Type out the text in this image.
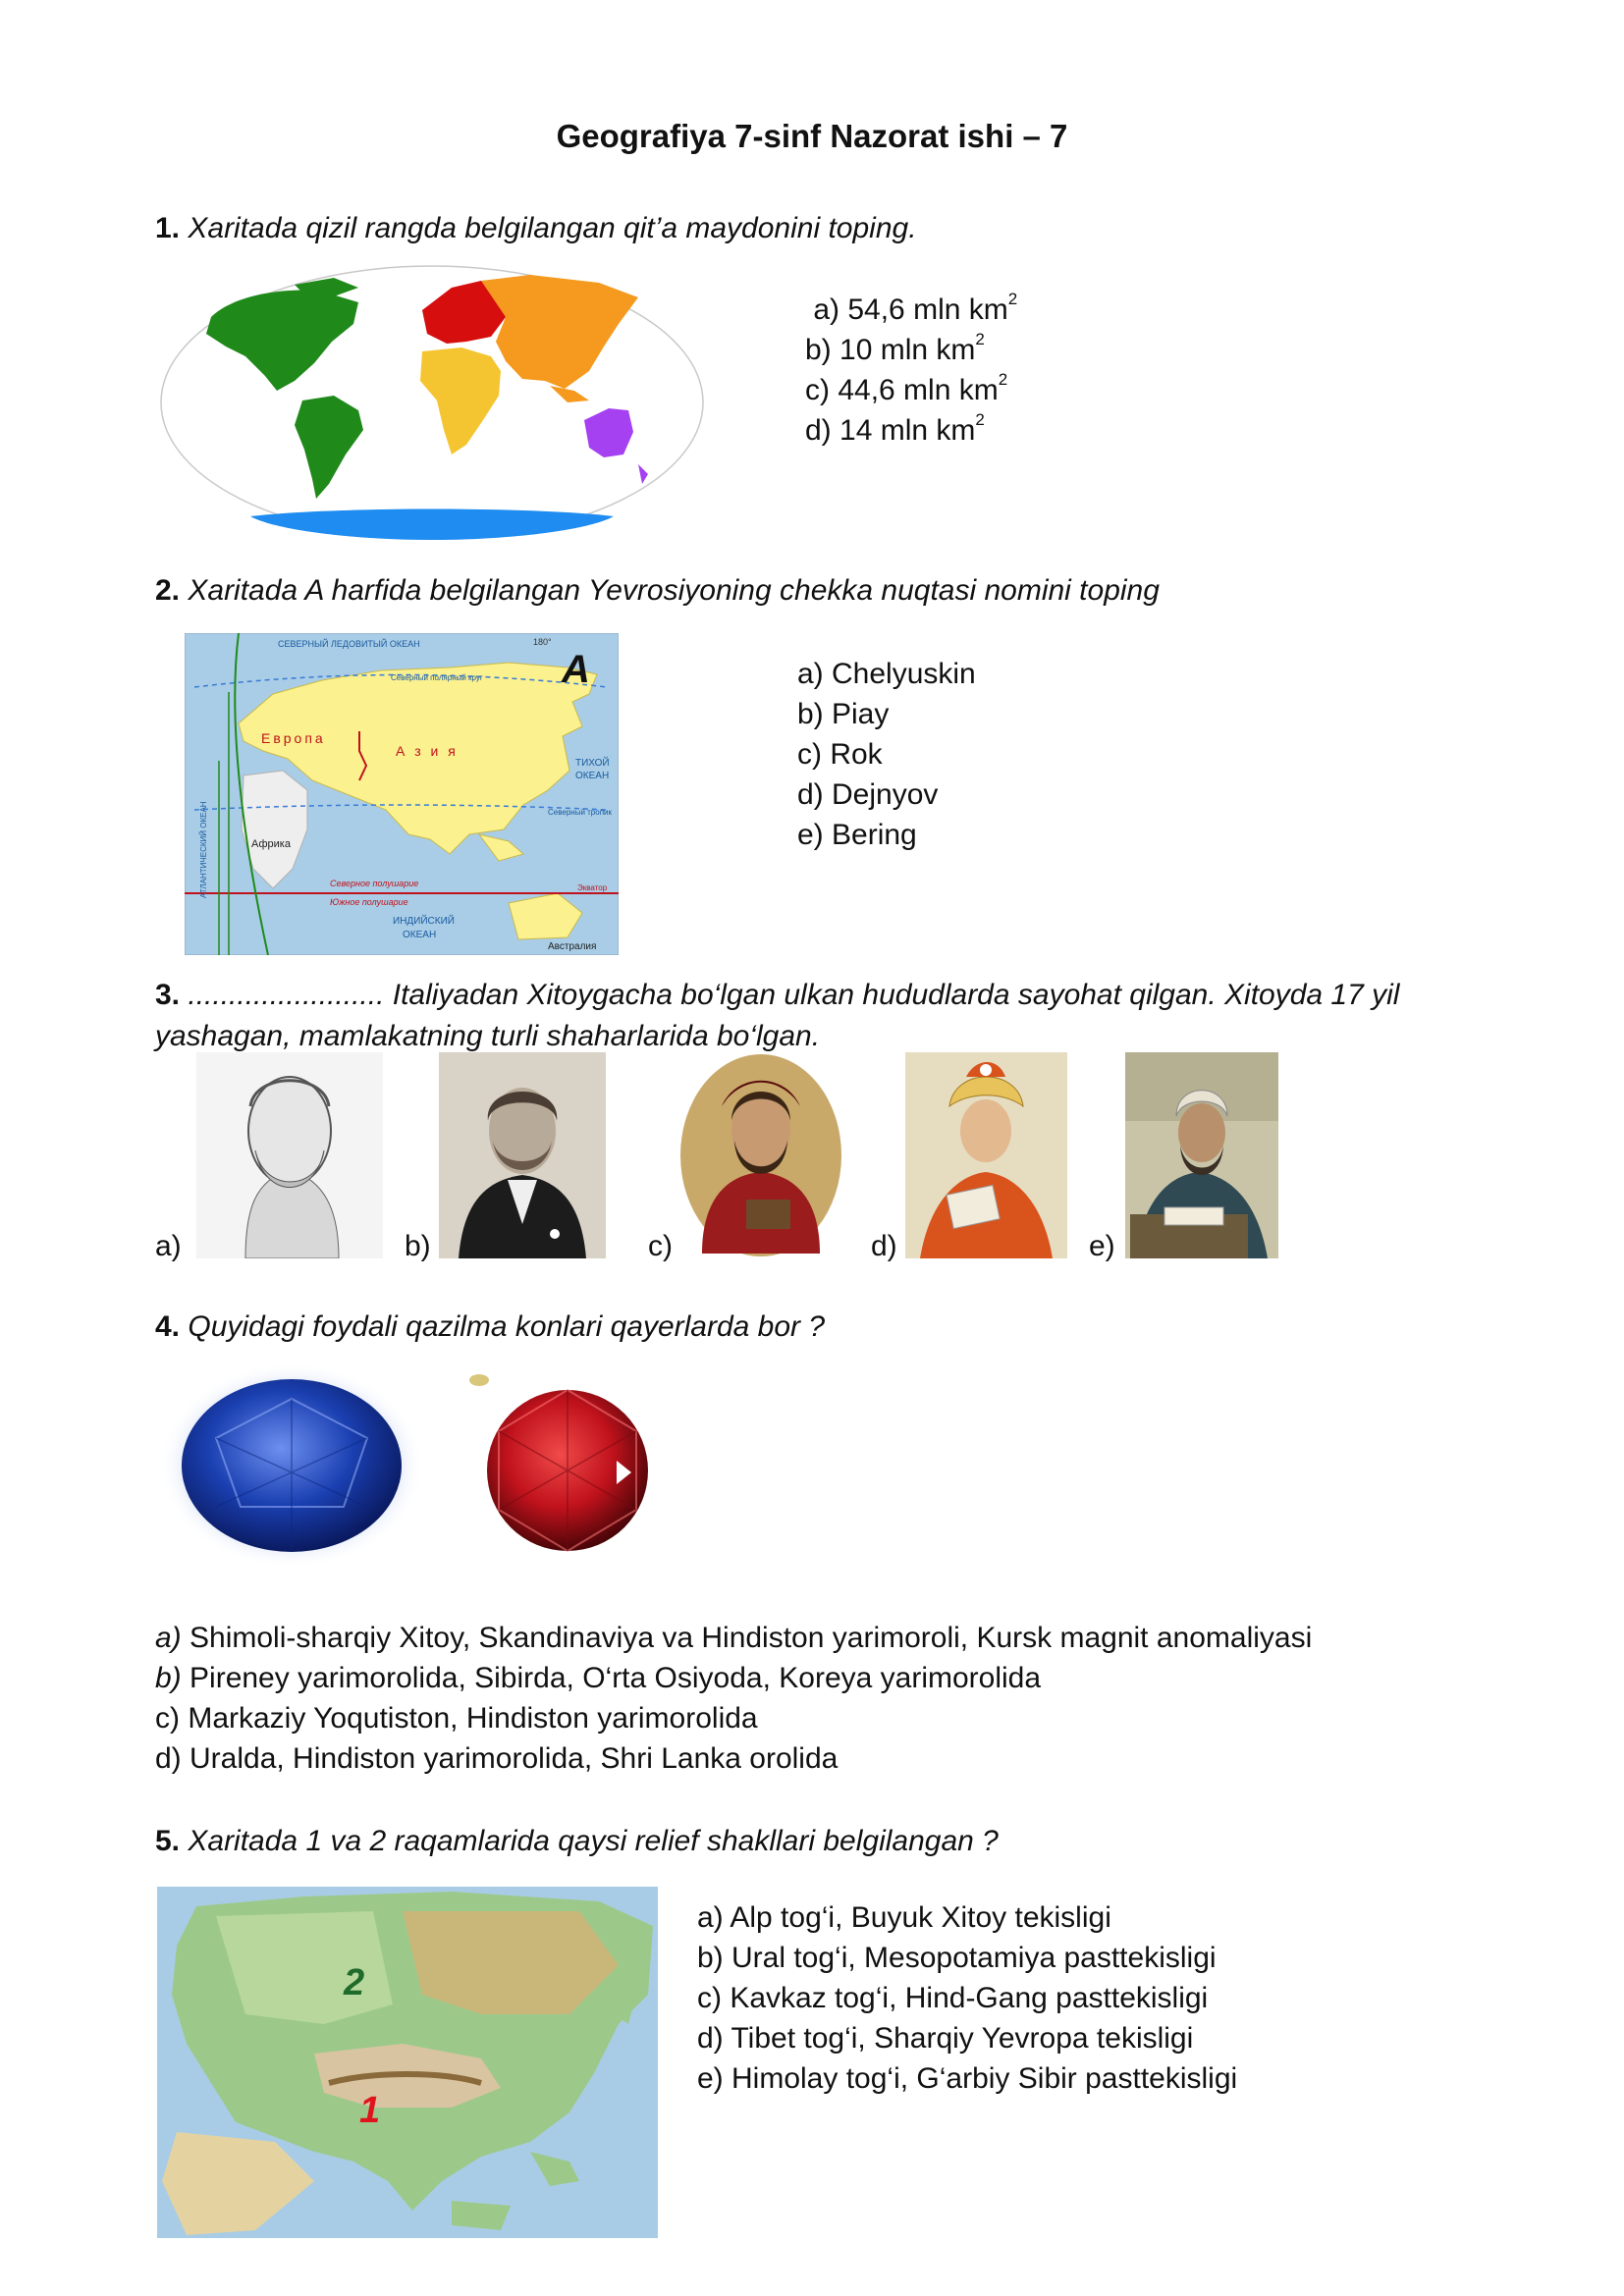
Geografiya 7-sinf Nazorat ishi – 7
1. Xaritada qizil rangda belgilangan qit’a maydonini toping.
a) 54,6 mln $km^2$
b) 10 mln $km^2$
c) 44,6 mln $km^2$
d) 14 mln $km^2$
2. Xaritada A harfida belgilangan Yevrosiyoning chekka nuqtasi nomini toping
СЕВЕРНЫЙ ЛЕДОВИТЫЙ ОКЕАН	180°
A
Северный полярный круг
Европа
А з и я
ТИХОЙ
ОКЕАН
Северный тропик
Африка
Северное полушарие	Экватор
Южное полушарие
ИНДИЙСКИЙ
ОКЕАН
Австралия
АТЛАНТИЧЕСКИЙ ОКЕАН
a) Chelyuskin
b) Piay
c) Rok
d) Dejnyov
e) Bering
3. ........................ Italiyadan Xitoygacha bo‘lgan ulkan hududlarda sayohat qilgan. Xitoyda 17 yil
yashagan, mamlakatning turli shaharlarida bo‘lgan.
a)	b)	c)	d)	e)
4. Quyidagi foydali qazilma konlari qayerlarda bor ?
a) Shimoli-sharqiy Xitoy, Skandinaviya va Hindiston yarimoroli, Kursk magnit anomaliyasi
b) Pireney yarimorolida, Sibirda, O‘rta Osiyoda, Koreya yarimorolida
c) Markaziy Yoqutiston, Hindiston yarimorolida
d) Uralda, Hindiston yarimorolida, Shri Lanka orolida
5. Xaritada 1 va 2 raqamlarida qaysi relief shakllari belgilangan ?
2
1
a) Alp tog‘i, Buyuk Xitoy tekisligi
b) Ural tog‘i, Mesopotamiya pasttekisligi
c) Kavkaz tog‘i, Hind-Gang pasttekisligi
d) Tibet tog‘i, Sharqiy Yevropa tekisligi
e) Himolay tog‘i, G‘arbiy Sibir pasttekisligi
